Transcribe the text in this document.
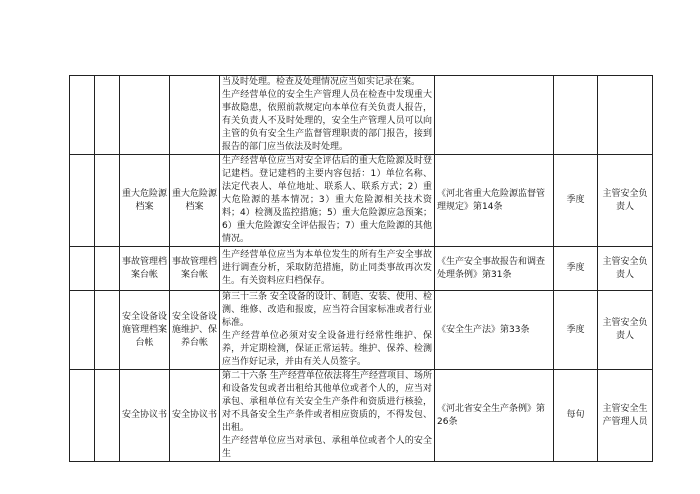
				当及时处理。检查及处理情况应当如实记录在案。
生产经营单位的安全生产管理人员在检查中发现重大事故隐患，依照前款规定向本单位有关负责人报告，有关负责人不及时处理的，安全生产管理人员可以向主管的负有安全生产监督管理职责的部门报告，接到报告的部门应当依法及时处理。			

		重大危险源档案	重大危险源档案	生产经营单位应当对安全评估后的重大危险源及时登记建档。登记建档的主要内容包括：1）单位名称、法定代表人、单位地址、联系人、联系方式；2）重大危险源的基本情况；3）重大危险源相关技术资料；4）检测及监控措施；5）重大危险源应急预案；6）重大危险源安全评估报告；7）重大危险源的其他情况。	《河北省重大危险源监督管理规定》第14条	季度	主管安全负责人
		事故管理档案台帐	事故管理档案台帐	生产经营单位应当为本单位发生的所有生产安全事故进行调查分析，采取防范措施，防止同类事故再次发生。有关资料应归档保存。	《生产安全事故报告和调查处理条例》第31条	季度	主管安全负责人
		安全设备设施管理档案台帐	安全设备设施维护、保养台帐	第三十三条 安全设备的设计、制造、安装、使用、检测、维修、改造和报废，应当符合国家标准或者行业标准。
生产经营单位必须对安全设备进行经常性维护、保养，并定期检测，保证正常运转。维护、保养、检测应当作好记录，并由有关人员签字。	《安全生产法》第33条	季度	主管安全负责人
		安全协议书	安全协议书	第二十六条 生产经营单位依法将生产经营项目、场所和设备发包或者出租给其他单位或者个人的，应当对承包、承租单位有关安全生产条件和资质进行核验，对不具备安全生产条件或者相应资质的，不得发包、出租。
生产经营单位应当对承包、承租单位或者个人的安全生	《河北省安全生产条例》第26条	每旬	主管安全生产管理人员
